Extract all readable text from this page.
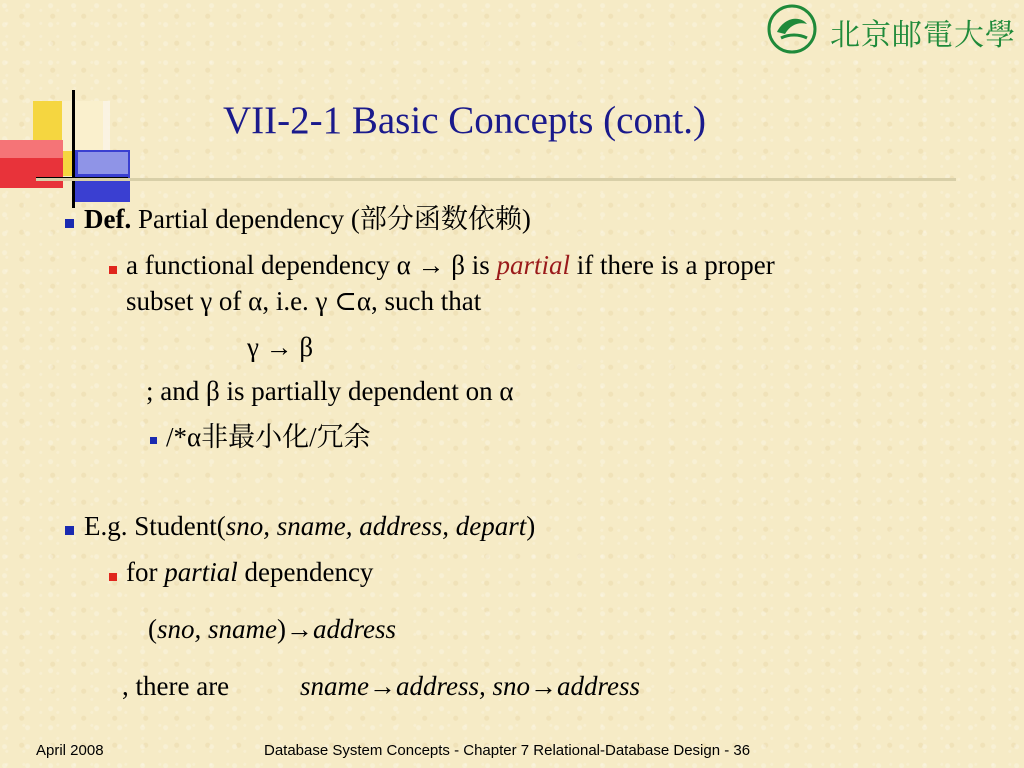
北京邮電大學
VII-2-1 Basic Concepts (cont.)
Def. Partial dependency (部分函数依赖)
a functional dependency α → β is partial if there is a proper
subset γ of α, i.e. γ ⊂α, such that
γ → β
; and β is partially dependent on α
/*α非最小化/冗余
E.g. Student(sno, sname, address, depart)
for partial dependency
(sno, sname)→address
, there are	sname→address, sno→address
April 2008	Database System Concepts - Chapter 7 Relational-Database Design - 36
